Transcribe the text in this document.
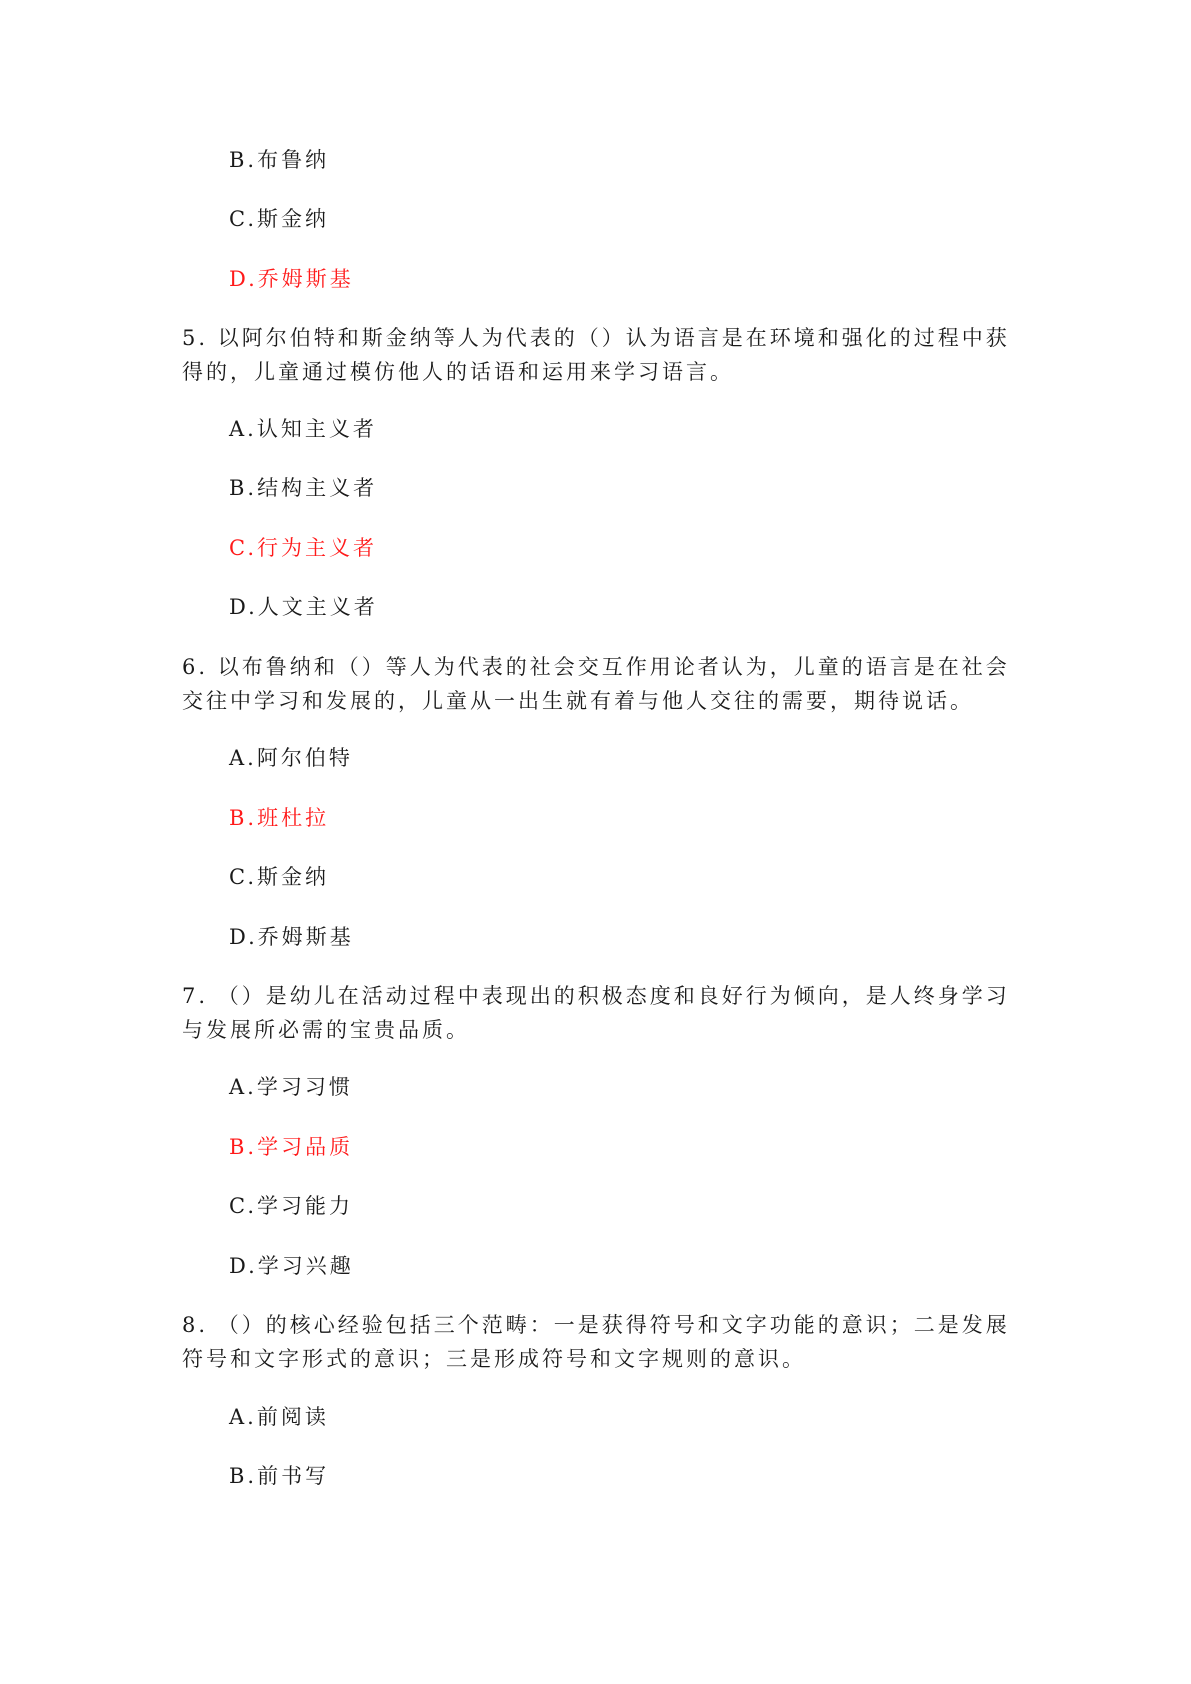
B.布鲁纳
C.斯金纳
D.乔姆斯基
5. 以阿尔伯特和斯金纳等人为代表的（）认为语言是在环境和强化的过程中获
得的，儿童通过模仿他人的话语和运用来学习语言。
A.认知主义者
B.结构主义者
C.行为主义者
D.人文主义者
6. 以布鲁纳和（）等人为代表的社会交互作用论者认为，儿童的语言是在社会
交往中学习和发展的，儿童从一出生就有着与他人交往的需要，期待说话。
A.阿尔伯特
B.班杜拉
C.斯金纳
D.乔姆斯基
7. （）是幼儿在活动过程中表现出的积极态度和良好行为倾向，是人终身学习
与发展所必需的宝贵品质。
A.学习习惯
B.学习品质
C.学习能力
D.学习兴趣
8. （）的核心经验包括三个范畴：一是获得符号和文字功能的意识；二是发展
符号和文字形式的意识；三是形成符号和文字规则的意识。
A.前阅读
B.前书写
